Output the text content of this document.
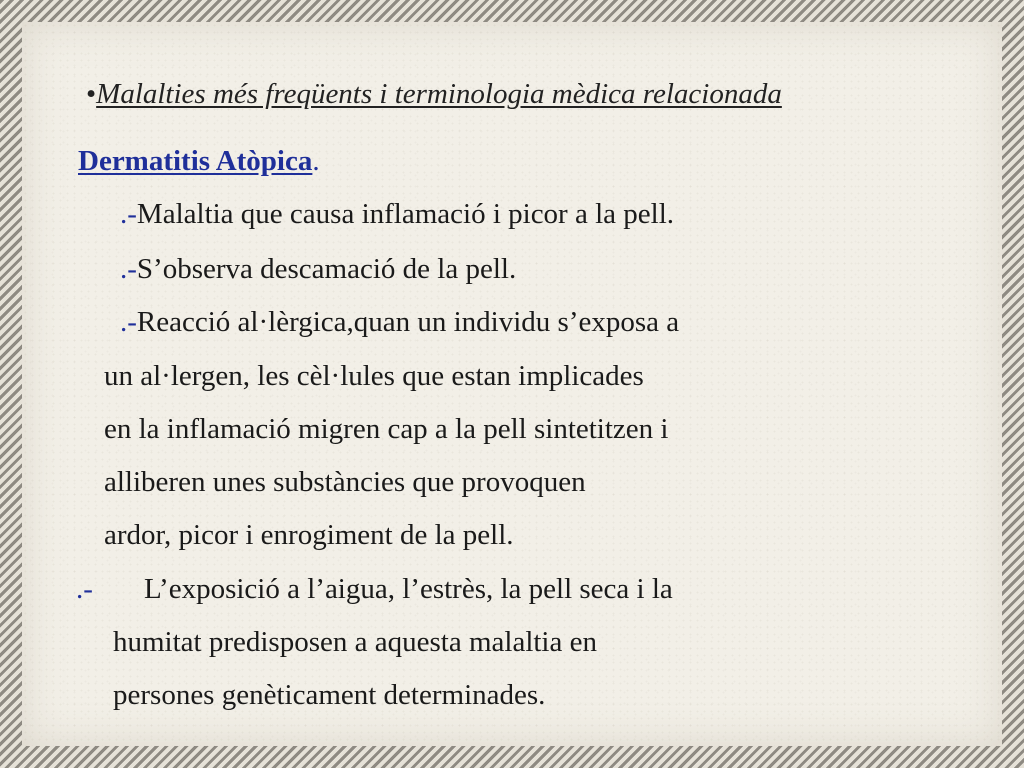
•Malalties més freqüents i terminologia mèdica relacionada
Dermatitis Atòpica.
.-Malaltia que causa inflamació i picor a la pell.
.-S’observa descamació de la pell.
.-Reacció al·lèrgica,quan un individu s’exposa a
un al·lergen, les cèl·lules que estan implicades
en la inflamació migren cap a la pell sintetitzen i
alliberen unes substàncies que provoquen
ardor, picor i enrogiment de la pell.
.- L’exposició a l’aigua, l’estrès, la pell seca i la
humitat predisposen a aquesta malaltia en
persones genèticament determinades.
